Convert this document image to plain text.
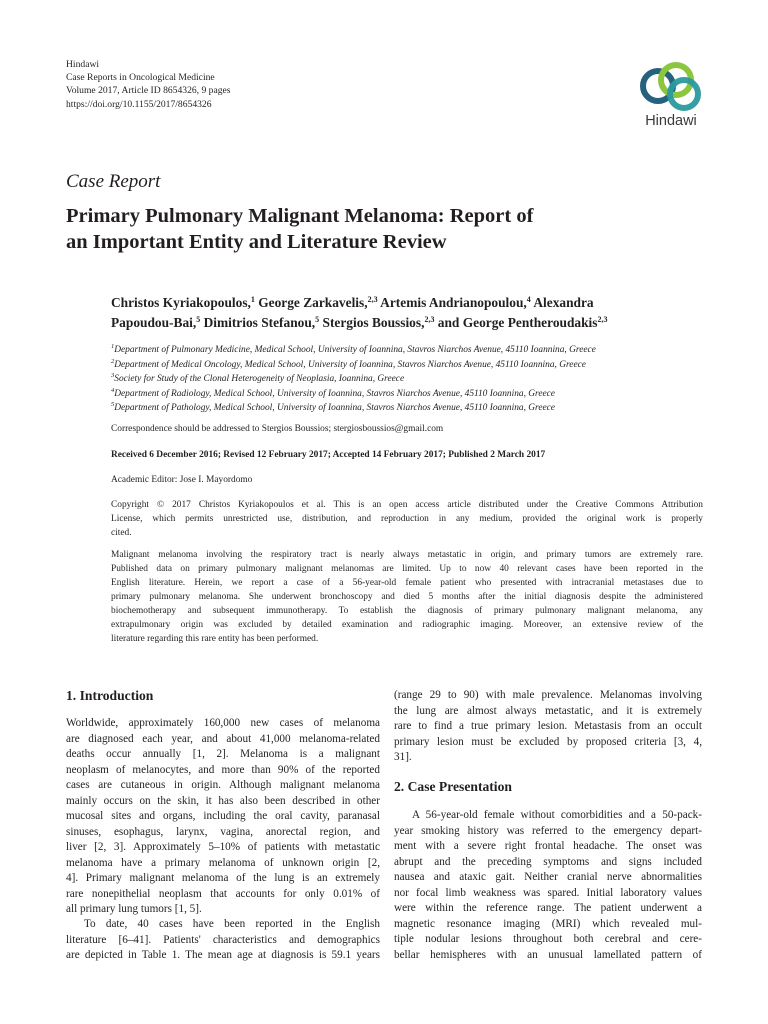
Hindawi
Case Reports in Oncological Medicine
Volume 2017, Article ID 8654326, 9 pages
https://doi.org/10.1155/2017/8654326
Hindawi
Case Report
Primary Pulmonary Malignant Melanoma: Report of
an Important Entity and Literature Review
Christos Kyriakopoulos,$^1$ George Zarkavelis,$^{2,3}$ Artemis Andrianopoulou,$^4$ Alexandra
Papoudou-Bai,$^5$ Dimitrios Stefanou,$^5$ Stergios Boussios,$^{2,3}$ and George Pentheroudakis$^{2,3}$
$^1$Department of Pulmonary Medicine, Medical School, University of Ioannina, Stavros Niarchos Avenue, 45110 Ioannina, Greece
$^2$Department of Medical Oncology, Medical School, University of Ioannina, Stavros Niarchos Avenue, 45110 Ioannina, Greece
$^3$Society for Study of the Clonal Heterogeneity of Neoplasia, Ioannina, Greece
$^4$Department of Radiology, Medical School, University of Ioannina, Stavros Niarchos Avenue, 45110 Ioannina, Greece
$^5$Department of Pathology, Medical School, University of Ioannina, Stavros Niarchos Avenue, 45110 Ioannina, Greece
Correspondence should be addressed to Stergios Boussios; stergiosboussios@gmail.com
Received 6 December 2016; Revised 12 February 2017; Accepted 14 February 2017; Published 2 March 2017
Academic Editor: Jose I. Mayordomo
Copyright © 2017 Christos Kyriakopoulos et al. This is an open access article distributed under the Creative Commons Attribution
License, which permits unrestricted use, distribution, and reproduction in any medium, provided the original work is properly
cited.
Malignant melanoma involving the respiratory tract is nearly always metastatic in origin, and primary tumors are extremely rare.
Published data on primary pulmonary malignant melanomas are limited. Up to now 40 relevant cases have been reported in the
English literature. Herein, we report a case of a 56-year-old female patient who presented with intracranial metastases due to
primary pulmonary melanoma. She underwent bronchoscopy and died 5 months after the initial diagnosis despite the administered
biochemotherapy and subsequent immunotherapy. To establish the diagnosis of primary pulmonary malignant melanoma, any
extrapulmonary origin was excluded by detailed examination and radiographic imaging. Moreover, an extensive review of the
literature regarding this rare entity has been performed.
1. Introduction
Worldwide, approximately 160,000 new cases of melanoma
are diagnosed each year, and about 41,000 melanoma-related
deaths occur annually [1, 2]. Melanoma is a malignant
neoplasm of melanocytes, and more than 90% of the reported
cases are cutaneous in origin. Although malignant melanoma
mainly occurs on the skin, it has also been described in other
mucosal sites and organs, including the oral cavity, paranasal
sinuses, esophagus, larynx, vagina, anorectal region, and
liver [2, 3]. Approximately 5–10% of patients with metastatic
melanoma have a primary melanoma of unknown origin [2,
4]. Primary malignant melanoma of the lung is an extremely
rare nonepithelial neoplasm that accounts for only 0.01% of
all primary lung tumors [1, 5].
To date, 40 cases have been reported in the English
literature [6–41]. Patients' characteristics and demographics
are depicted in Table 1. The mean age at diagnosis is 59.1 years
(range 29 to 90) with male prevalence. Melanomas involving
the lung are almost always metastatic, and it is extremely
rare to find a true primary lesion. Metastasis from an occult
primary lesion must be excluded by proposed criteria [3, 4,
31].
2. Case Presentation
A 56-year-old female without comorbidities and a 50-pack-
year smoking history was referred to the emergency depart-
ment with a severe right frontal headache. The onset was
abrupt and the preceding symptoms and signs included
nausea and ataxic gait. Neither cranial nerve abnormalities
nor focal limb weakness was spared. Initial laboratory values
were within the reference range. The patient underwent a
magnetic resonance imaging (MRI) which revealed mul-
tiple nodular lesions throughout both cerebral and cere-
bellar hemispheres with an unusual lamellated pattern of
